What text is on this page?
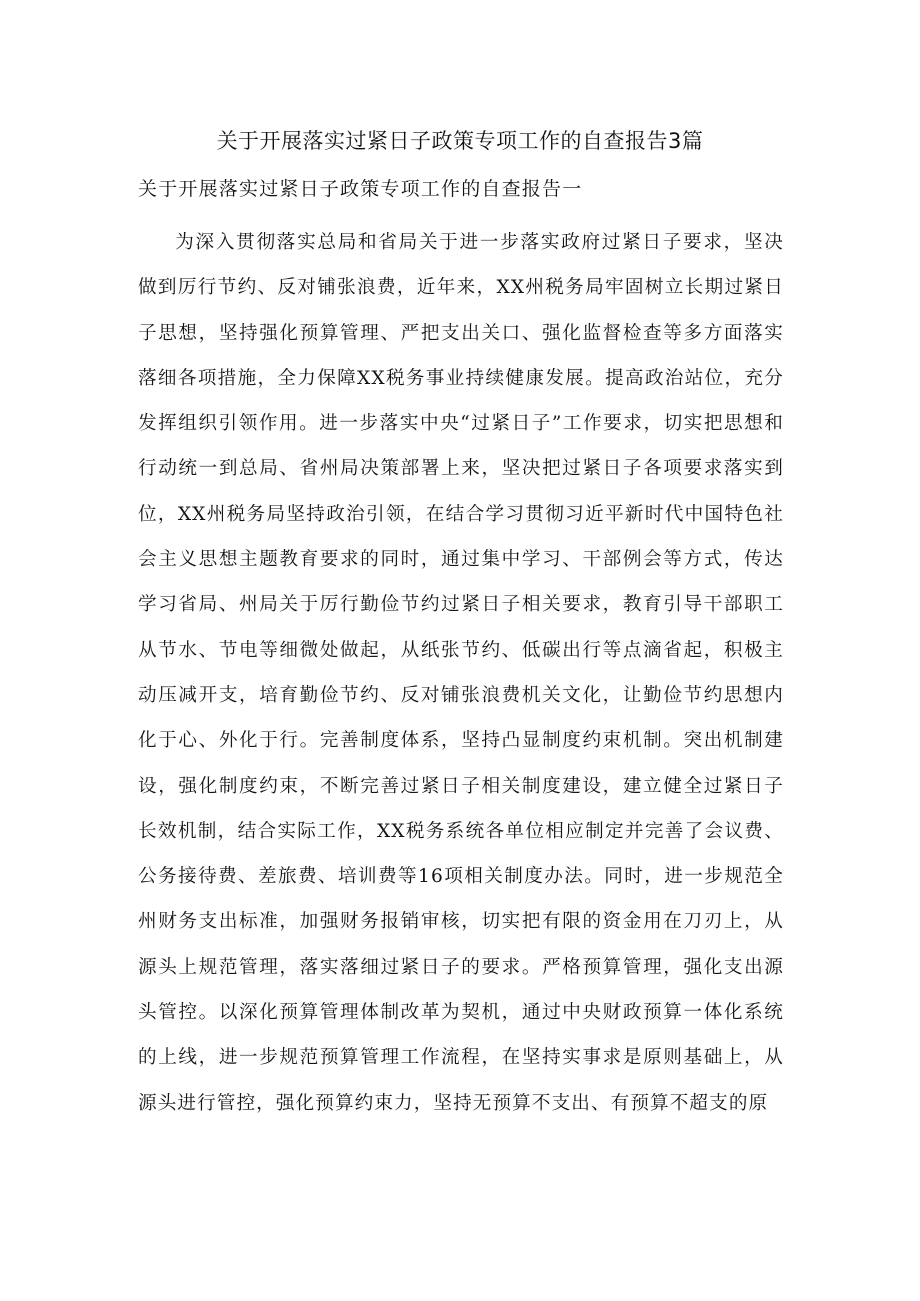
关于开展落实过紧日子政策专项工作的自查报告3篇
关于开展落实过紧日子政策专项工作的自查报告一

为深入贯彻落实总局和省局关于进一步落实政府过紧日子要求，坚决做到厉行节约、反对铺张浪费，近年来，XX州税务局牢固树立长期过紧日子思想，坚持强化预算管理、严把支出关口、强化监督检查等多方面落实落细各项措施，全力保障XX税务事业持续健康发展。提高政治站位，充分发挥组织引领作用。进一步落实中央“过紧日子”工作要求，切实把思想和行动统一到总局、省州局决策部署上来，坚决把过紧日子各项要求落实到位，XX州税务局坚持政治引领，在结合学习贯彻习近平新时代中国特色社会主义思想主题教育要求的同时，通过集中学习、干部例会等方式，传达学习省局、州局关于厉行勤俭节约过紧日子相关要求，教育引导干部职工从节水、节电等细微处做起，从纸张节约、低碳出行等点滴省起，积极主动压减开支，培育勤俭节约、反对铺张浪费机关文化，让勤俭节约思想内化于心、外化于行。完善制度体系，坚持凸显制度约束机制。突出机制建设，强化制度约束，不断完善过紧日子相关制度建设，建立健全过紧日子长效机制，结合实际工作，XX税务系统各单位相应制定并完善了会议费、公务接待费、差旅费、培训费等16项相关制度办法。同时，进一步规范全州财务支出标准，加强财务报销审核，切实把有限的资金用在刀刃上，从源头上规范管理，落实落细过紧日子的要求。严格预算管理，强化支出源头管控。以深化预算管理体制改革为契机，通过中央财政预算一体化系统的上线，进一步规范预算管理工作流程，在坚持实事求是原则基础上，从源头进行管控，强化预算约束力，坚持无预算不支出、有预算不超支的原
